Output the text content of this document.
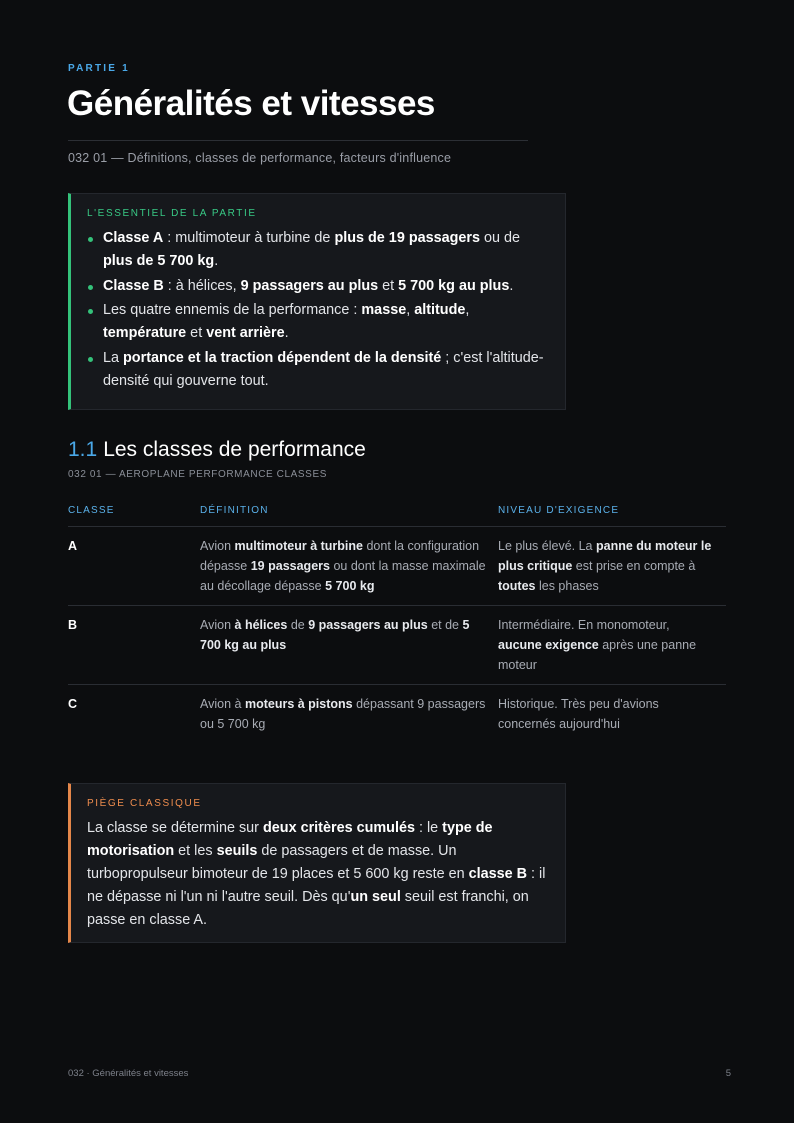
PARTIE 1
Généralités et vitesses
032 01 — Définitions, classes de performance, facteurs d'influence
L'ESSENTIEL DE LA PARTIE
Classe A : multimoteur à turbine de plus de 19 passagers ou de plus de 5 700 kg.
Classe B : à hélices, 9 passagers au plus et 5 700 kg au plus.
Les quatre ennemis de la performance : masse, altitude, température et vent arrière.
La portance et la traction dépendent de la densité ; c'est l'altitude-densité qui gouverne tout.
1.1 Les classes de performance
032 01 — AEROPLANE PERFORMANCE CLASSES
CLASSE	DÉFINITION	NIVEAU D'EXIGENCE
A	Avion multimoteur à turbine dont la configuration dépasse 19 passagers ou dont la masse maximale au décollage dépasse 5 700 kg	Le plus élevé. La panne du moteur le plus critique est prise en compte à toutes les phases
B	Avion à hélices de 9 passagers au plus et de 5 700 kg au plus	Intermédiaire. En monomoteur, aucune exigence après une panne moteur
C	Avion à moteurs à pistons dépassant 9 passagers ou 5 700 kg	Historique. Très peu d'avions concernés aujourd'hui
PIÈGE CLASSIQUE
La classe se détermine sur deux critères cumulés : le type de motorisation et les seuils de passagers et de masse. Un turbopropulseur bimoteur de 19 places et 5 600 kg reste en classe B : il ne dépasse ni l'un ni l'autre seuil. Dès qu'un seul seuil est franchi, on passe en classe A.
032 · Généralités et vitesses	5
